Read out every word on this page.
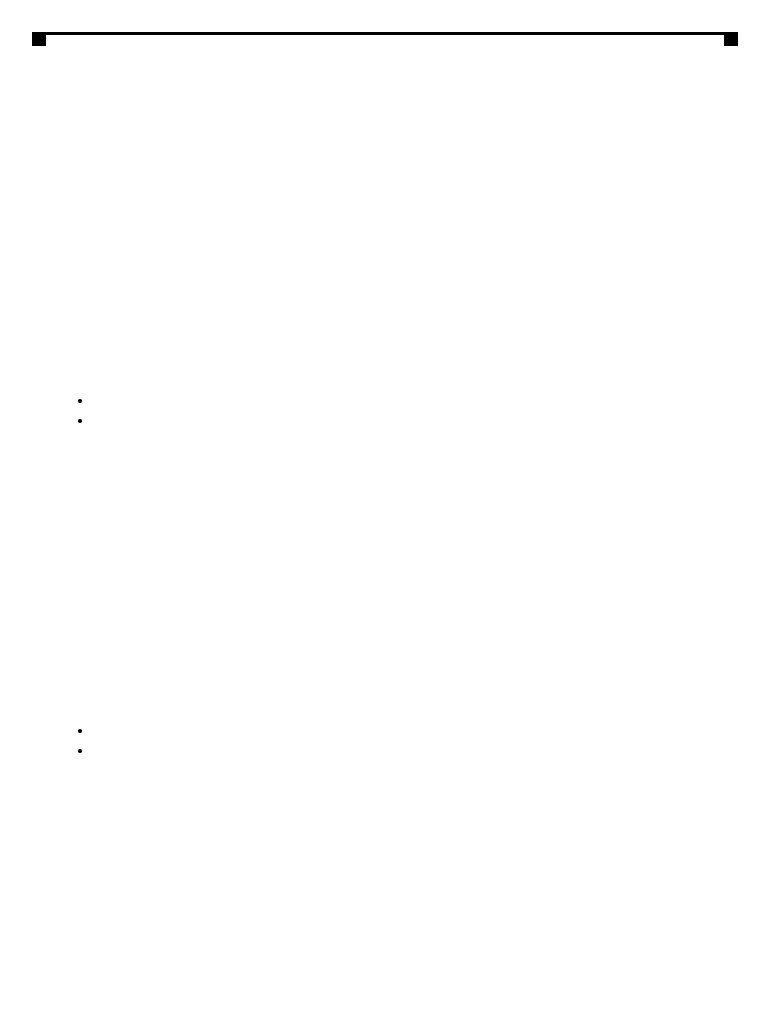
•
•

•
•
